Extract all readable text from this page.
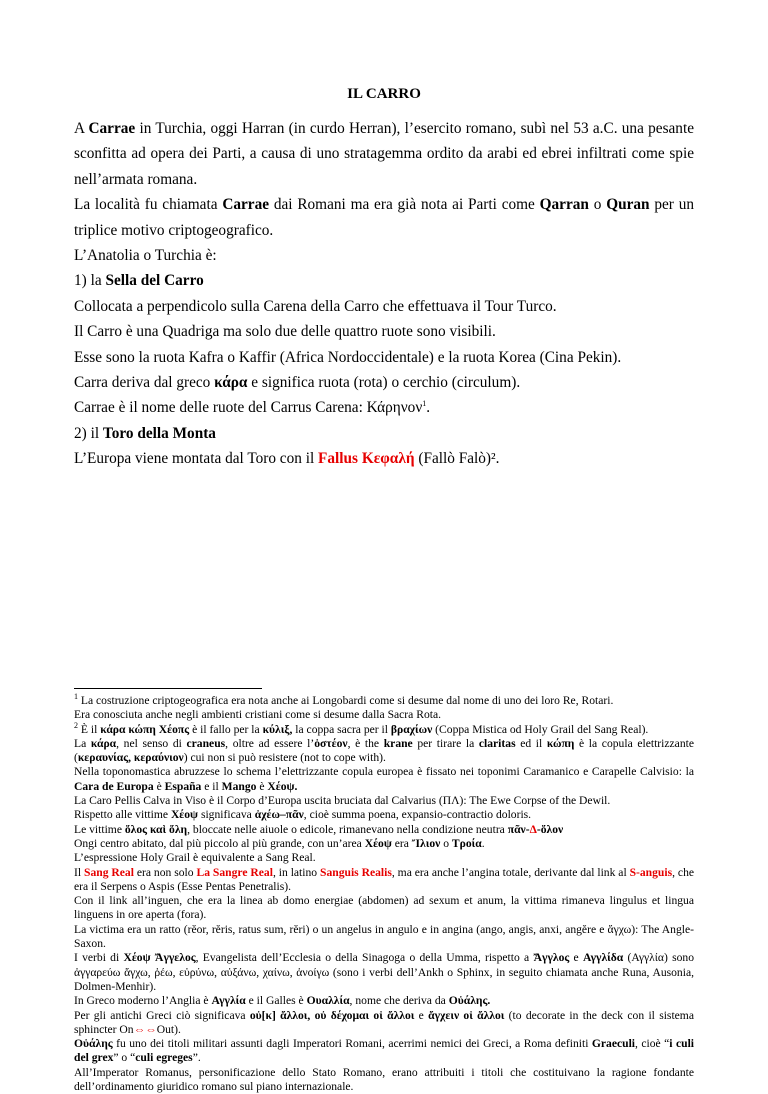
IL CARRO

A Carrae in Turchia, oggi Harran (in curdo Herran), l’esercito romano, subì nel 53 a.C. una pesante sconfitta ad opera dei Parti, a causa di uno stratagemma ordito da arabi ed ebrei infiltrati come spie nell’armata romana.

La località fu chiamata Carrae dai Romani ma era già nota ai Parti come Qarran o Quran per un triplice motivo criptogeografico.

L’Anatolia o Turchia è:

1) la Sella del Carro

Collocata a perpendicolo sulla Carena della Carro che effettuava il Tour Turco.

Il Carro è una Quadriga ma solo due delle quattro ruote sono visibili.

Esse sono la ruota Kafra o Kaffir (Africa Nordoccidentale) e la ruota Korea (Cina Pekin).

Carra deriva dal greco κάρα e significa ruota (rota) o cerchio (circulum).

Carrae è il nome delle ruote del Carrus Carena: Κάρηνον$^1$.

2) il Toro della Monta

L’Europa viene montata dal Toro con il Fallus Κεφαλή (Fallò Falò)².

$^1$ La costruzione criptogeografica era nota anche ai Longobardi come si desume dal nome di uno dei loro Re, Rotari.

Era conosciuta anche negli ambienti cristiani come si desume dalla Sacra Rota.

$^2$ È il κάρα κώπη Χέοπς è il fallo per la κύλιξ, la coppa sacra per il βραχίων (Coppa Mistica od Holy Grail del Sang Real).

La κάρα, nel senso di craneus, oltre ad essere l’ὀστέον, è the krane per tirare la claritas ed il κώπη è la copula elettrizzante (κεραυνίας, κεραύνιον) cui non si può resistere (not to cope with).

Nella toponomastica abruzzese lo schema l’elettrizzante copula europea è fissato nei toponimi Caramanico e Carapelle Calvisio: la Cara de Europa è España e il Mango è Χέοψ.

La Caro Pellis Calva in Viso è il Corpo d’Europa uscita bruciata dal Calvarius (ΠΛ): The Ewe Corpse of the Dewil.

Rispetto alle vittime Χέοψ significava ἀχέω–πᾶν, cioè summa poena, expansio-contractio doloris.

Le vittime ὅλος καὶ ὅλη, bloccate nelle aiuole o edicole, rimanevano nella condizione neutra πᾶν-Δ-ὅλον

Ongi centro abitato, dal più piccolo al più grande, con un’area Χέοψ era Ἴλιον o Τροία.

L’espressione Holy Grail è equivalente a Sang Real.

Il Sang Real era non solo La Sangre Real, in latino Sanguis Realis, ma era anche l’angina totale, derivante dal link al S-anguis, che era il Serpens o Aspis (Esse Pentas Penetralis).

Con il link all’inguen, che era la linea ab domo energiae (abdomen) ad sexum et anum, la vittima rimaneva lingulus et lingua linguens in ore aperta (fora).

La victima era un ratto (rĕor, rĕris, ratus sum, rĕri) o un angelus in angulo e in angina (ango, angis, anxi, angĕre e ἄγχω): The Angle-Saxon.

I verbi di Χέοψ Ἄγγελος, Evangelista dell’Ecclesia o della Sinagoga o della Umma, rispetto a Ἄγγλος e Αγγλίδα (Αγγλία) sono ἀγγαρεύω ἄγχω, ῥέω, εὐρύνω, αὐξάνω, χαίνω, ἀνοίγω (sono i verbi dell’Ankh o Sphinx, in seguito chiamata anche Runa, Ausonia, Dolmen-Menhir).

In Greco moderno l’Anglia è Αγγλία e il Galles è Ουαλλία, nome che deriva da Οὐάλης.

Per gli antichi Greci ciò significava οὐ[κ] ἄλλοι, οὐ δέχομαι οἱ ἄλλοι e ἄγχειν οἱ ἄλλοι (to decorate in the deck con il sistema sphincter On⇔⇔Out).

Οὐάλης fu uno dei titoli militari assunti dagli Imperatori Romani, acerrimi nemici dei Greci, a Roma definiti Graeculi, cioè “i culi del grex” o “culi egreges”.

All’Imperator Romanus, personificazione dello Stato Romano, erano attribuiti i titoli che costituivano la ragione fondante dell’ordinamento giuridico romano sul piano internazionale.
